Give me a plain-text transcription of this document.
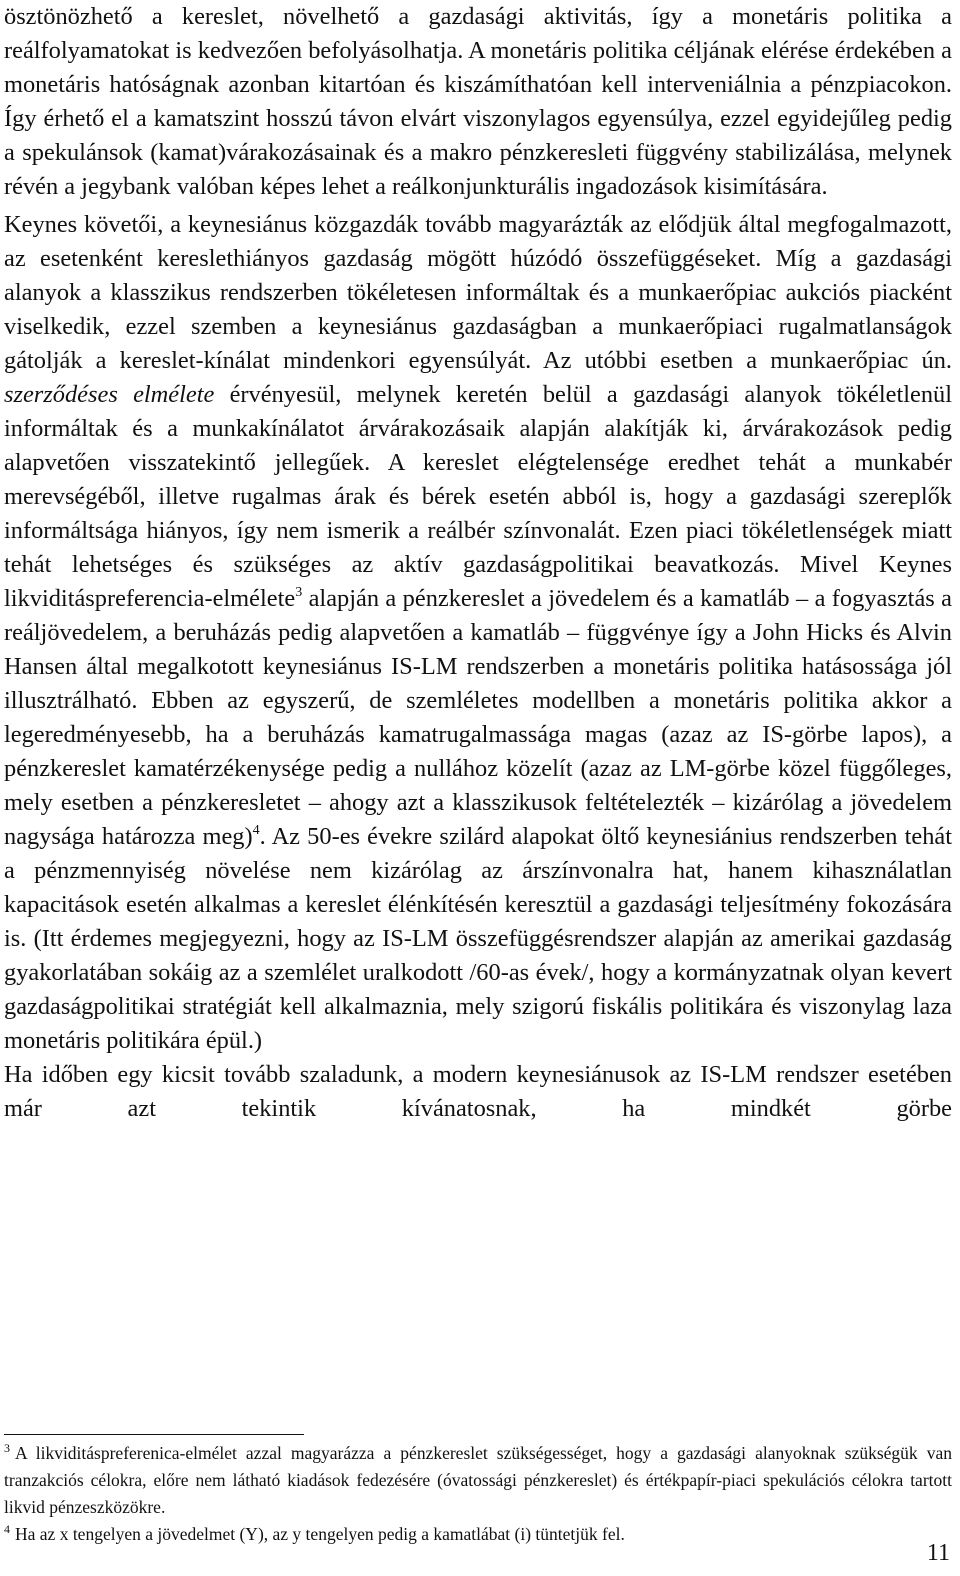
ösztönözhető a kereslet, növelhető a gazdasági aktivitás, így a monetáris politika a reálfolyamatokat is kedvezően befolyásolhatja. A monetáris politika céljának elérése érdekében a monetáris hatóságnak azonban kitartóan és kiszámíthatóan kell interveniálnia a pénzpiacokon. Így érhető el a kamatszint hosszú távon elvárt viszonylagos egyensúlya, ezzel egyidejűleg pedig a spekulánsok (kamat)várakozásainak és a makro pénzkeresleti függvény stabilizálása, melynek révén a jegybank valóban képes lehet a reálkonjunkturális ingadozások kisimítására.

Keynes követői, a keynesiánus közgazdák tovább magyarázták az elődjük által megfogalmazott, az esetenként kereslethiányos gazdaság mögött húzódó összefüggéseket. Míg a gazdasági alanyok a klasszikus rendszerben tökéletesen informáltak és a munkaerőpiac aukciós piacként viselkedik, ezzel szemben a keynesiánus gazdaságban a munkaerőpiaci rugalmatlanságok gátolják a kereslet-kínálat mindenkori egyensúlyát. Az utóbbi esetben a munkaerőpiac ún. szerződéses elmélete érvényesül, melynek keretén belül a gazdasági alanyok tökéletlenül informáltak és a munkakínálatot árvárakozásaik alapján alakítják ki, árvárakozások pedig alapvetően visszatekintő jellegűek. A kereslet elégtelensége eredhet tehát a munkabér merevségéből, illetve rugalmas árak és bérek esetén abból is, hogy a gazdasági szereplők informáltsága hiányos, így nem ismerik a reálbér színvonalát. Ezen piaci tökéletlenségek miatt tehát lehetséges és szükséges az aktív gazdaságpolitikai beavatkozás. Mivel Keynes likviditáspreferencia-elmélete$^3$ alapján a pénzkereslet a jövedelem és a kamatláb – a fogyasztás a reáljövedelem, a beruházás pedig alapvetően a kamatláb – függvénye így a John Hicks és Alvin Hansen által megalkotott keynesiánus IS-LM rendszerben a monetáris politika hatásossága jól illusztrálható. Ebben az egyszerű, de szemléletes modellben a monetáris politika akkor a legeredményesebb, ha a beruházás kamatrugalmassága magas (azaz az IS-görbe lapos), a pénzkereslet kamatérzékenysége pedig a nullához közelít (azaz az LM-görbe közel függőleges, mely esetben a pénzkeresletet – ahogy azt a klasszikusok feltételezték – kizárólag a jövedelem nagysága határozza meg)$^4$. Az 50-es évekre szilárd alapokat öltő keynesiánius rendszerben tehát a pénzmennyiség növelése nem kizárólag az árszínvonalra hat, hanem kihasználatlan kapacitások esetén alkalmas a kereslet élénkítésén keresztül a gazdasági teljesítmény fokozására is. (Itt érdemes megjegyezni, hogy az IS-LM összefüggésrendszer alapján az amerikai gazdaság gyakorlatában sokáig az a szemlélet uralkodott /60-as évek/, hogy a kormányzatnak olyan kevert gazdaságpolitikai stratégiát kell alkalmaznia, mely szigorú fiskális politikára és viszonylag laza monetáris politikára épül.)

Ha időben egy kicsit tovább szaladunk, a modern keynesiánusok az IS-LM rendszer esetében már azt tekintik kívánatosnak, ha mindkét görbe

$^3$ A likviditáspreferenica-elmélet azzal magyarázza a pénzkereslet szükségességet, hogy a gazdasági alanyoknak szükségük van tranzakciós célokra, előre nem látható kiadások fedezésére (óvatossági pénzkereslet) és értékpapír-piaci spekulációs célokra tartott likvid pénzeszközökre.

$^4$ Ha az x tengelyen a jövedelmet (Y), az y tengelyen pedig a kamatlábat (i) tüntetjük fel.

11
